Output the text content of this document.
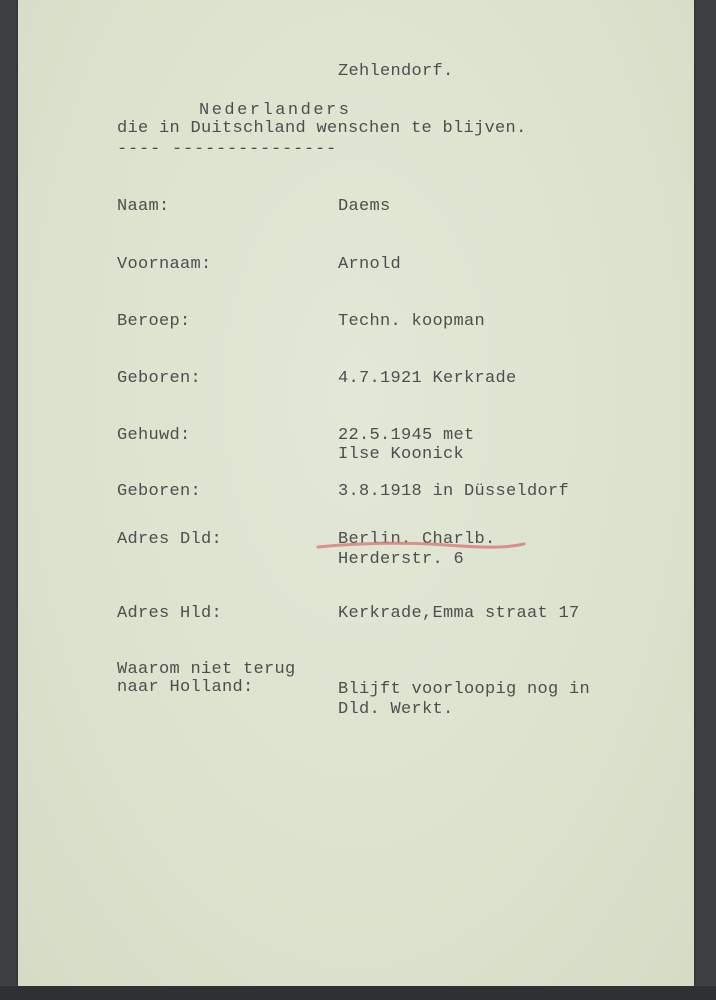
Zehlendorf.
Nederlanders
die in Duitschland wenschen te blijven.
---- ---------------
Naam:	Daems
Voornaam:	Arnold
Beroep:	Techn. koopman
Geboren:	4.7.1921 Kerkrade
Gehuwd:	22.5.1945 met
Ilse Koonick
Geboren:	3.8.1918 in Düsseldorf
Adres Dld:	Berlin. Charlb.
Herderstr. 6
Adres Hld:	Kerkrade,Emma straat 17
Waarom niet terug
naar Holland:	Blijft voorloopig nog in
Dld. Werkt.
